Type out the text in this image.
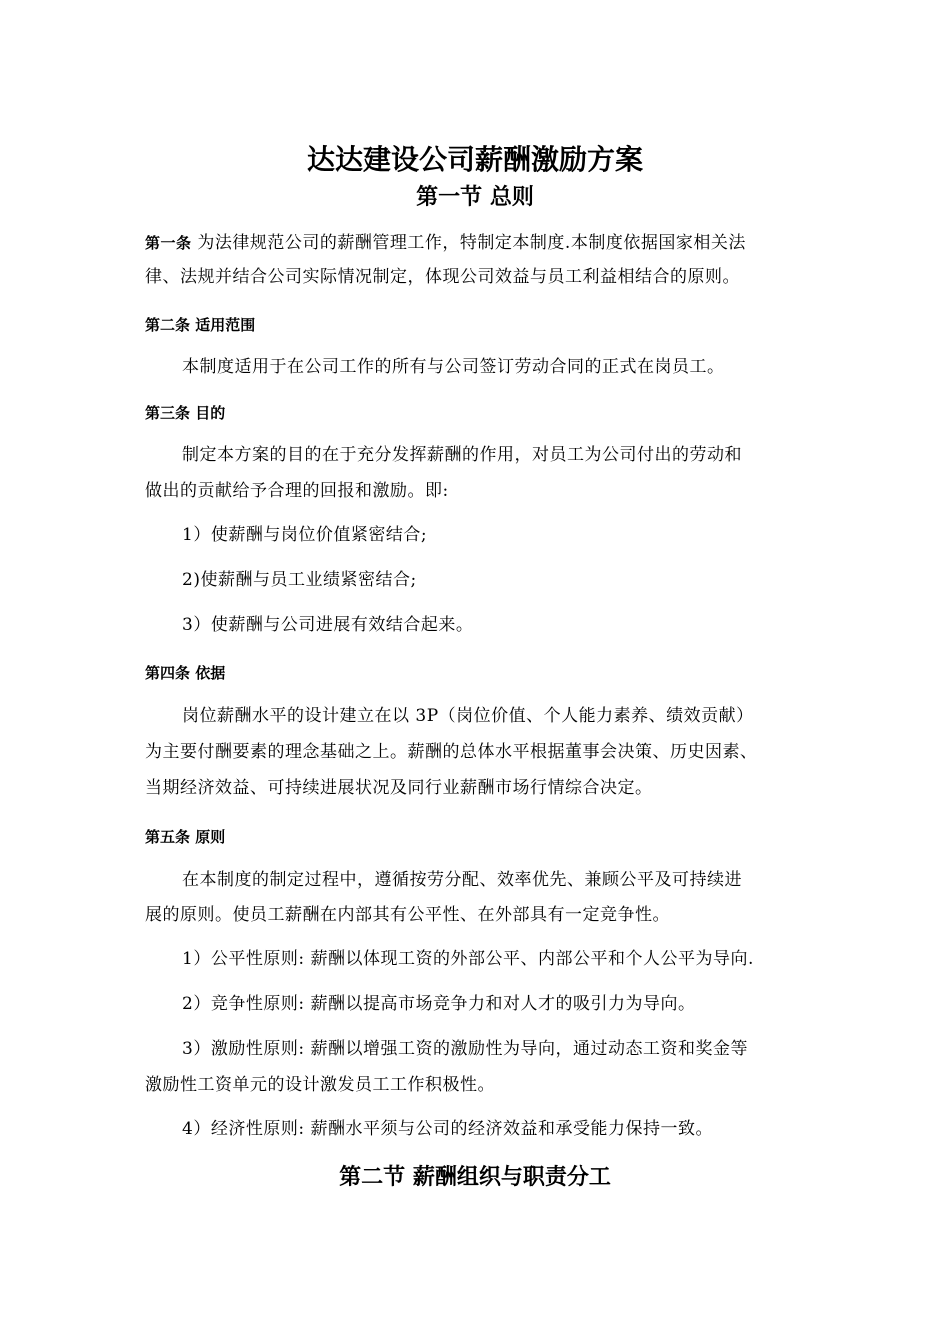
达达建设公司薪酬激励方案
第一节 总则
第一条 为法律规范公司的薪酬管理工作，特制定本制度.本制度依据国家相关法
律、法规并结合公司实际情况制定，体现公司效益与员工利益相结合的原则。
第二条 适用范围
本制度适用于在公司工作的所有与公司签订劳动合同的正式在岗员工。
第三条 目的
制定本方案的目的在于充分发挥薪酬的作用，对员工为公司付出的劳动和
做出的贡献给予合理的回报和激励。即:
1）使薪酬与岗位价值紧密结合;
2)使薪酬与员工业绩紧密结合;
3）使薪酬与公司进展有效结合起来。
第四条 依据
岗位薪酬水平的设计建立在以 3P（岗位价值、个人能力素养、绩效贡献）
为主要付酬要素的理念基础之上。薪酬的总体水平根据董事会决策、历史因素、
当期经济效益、可持续进展状况及同行业薪酬市场行情综合决定。
第五条 原则
在本制度的制定过程中，遵循按劳分配、效率优先、兼顾公平及可持续进
展的原则。使员工薪酬在内部其有公平性、在外部具有一定竞争性。
1）公平性原则: 薪酬以体现工资的外部公平、内部公平和个人公平为导向.
2）竞争性原则: 薪酬以提高市场竞争力和对人才的吸引力为导向。
3）激励性原则: 薪酬以增强工资的激励性为导向，通过动态工资和奖金等
激励性工资单元的设计激发员工工作积极性。
4）经济性原则: 薪酬水平须与公司的经济效益和承受能力保持一致。
第二节 薪酬组织与职责分工
